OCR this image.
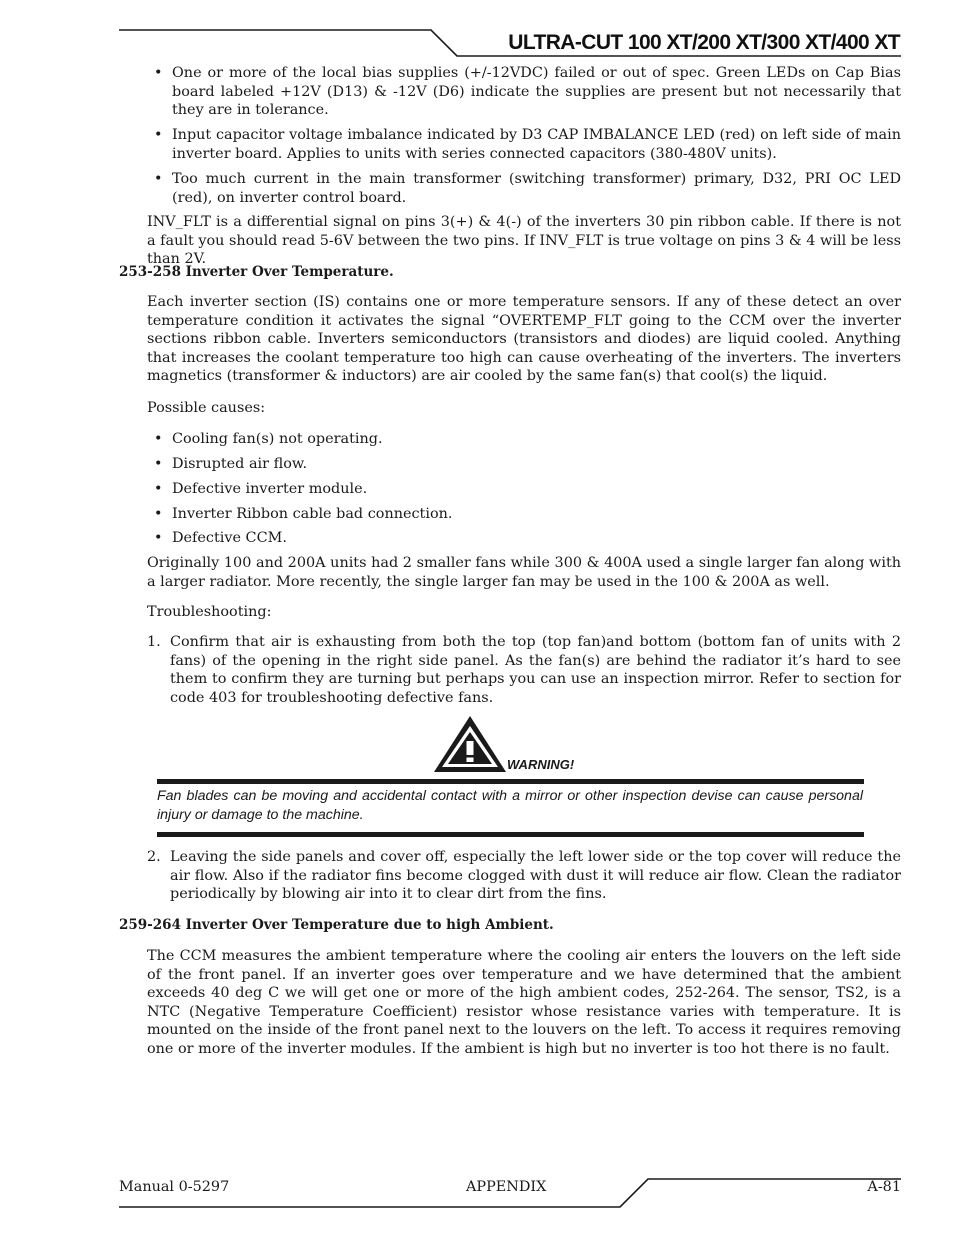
ULTRA-CUT 100 XT/200 XT/300 XT/400 XT
• One or more of the local bias supplies (+/-12VDC) failed or out of spec. Green LEDs on Cap Bias board labeled +12V (D13) & -12V (D6) indicate the supplies are present but not necessarily that they are in tolerance.
• Input capacitor voltage imbalance indicated by D3 CAP IMBALANCE LED (red) on left side of main inverter board. Applies to units with series connected capacitors (380-480V units).
• Too much current in the main transformer (switching transformer) primary, D32, PRI OC LED (red), on inverter control board.
INV_FLT is a differential signal on pins 3(+) & 4(-) of the inverters 30 pin ribbon cable. If there is not a fault you should read 5-6V between the two pins. If INV_FLT is true voltage on pins 3 & 4 will be less than 2V.
253-258 Inverter Over Temperature.
Each inverter section (IS) contains one or more temperature sensors. If any of these detect an over temperature condition it activates the signal “OVERTEMP_FLT going to the CCM over the inverter sections ribbon cable. Inverters semiconductors (transistors and diodes) are liquid cooled. Anything that increases the coolant temperature too high can cause overheating of the inverters. The inverters magnetics (transformer & inductors) are air cooled by the same fan(s) that cool(s) the liquid.
Possible causes:
• Cooling fan(s) not operating.
• Disrupted air flow.
• Defective inverter module.
• Inverter Ribbon cable bad connection.
• Defective CCM.
Originally 100 and 200A units had 2 smaller fans while 300 & 400A used a single larger fan along with a larger radiator. More recently, the single larger fan may be used in the 100 & 200A as well.
Troubleshooting:
1. Confirm that air is exhausting from both the top (top fan)and bottom (bottom fan of units with 2 fans) of the opening in the right side panel. As the fan(s) are behind the radiator it’s hard to see them to confirm they are turning but perhaps you can use an inspection mirror. Refer to section for code 403 for troubleshooting defective fans.
WARNING!
Fan blades can be moving and accidental contact with a mirror or other inspection devise can cause personal injury or damage to the machine.
2. Leaving the side panels and cover off, especially the left lower side or the top cover will reduce the air flow. Also if the radiator fins become clogged with dust it will reduce air flow. Clean the radiator periodically by blowing air into it to clear dirt from the fins.
259-264 Inverter Over Temperature due to high Ambient.
The CCM measures the ambient temperature where the cooling air enters the louvers on the left side of the front panel. If an inverter goes over temperature and we have determined that the ambient exceeds 40 deg C we will get one or more of the high ambient codes, 252-264. The sensor, TS2, is a NTC (Negative Temperature Coefficient) resistor whose resistance varies with temperature. It is mounted on the inside of the front panel next to the louvers on the left. To access it requires removing one or more of the inverter modules. If the ambient is high but no inverter is too hot there is no fault.
Manual 0-5297	APPENDIX	A-81
